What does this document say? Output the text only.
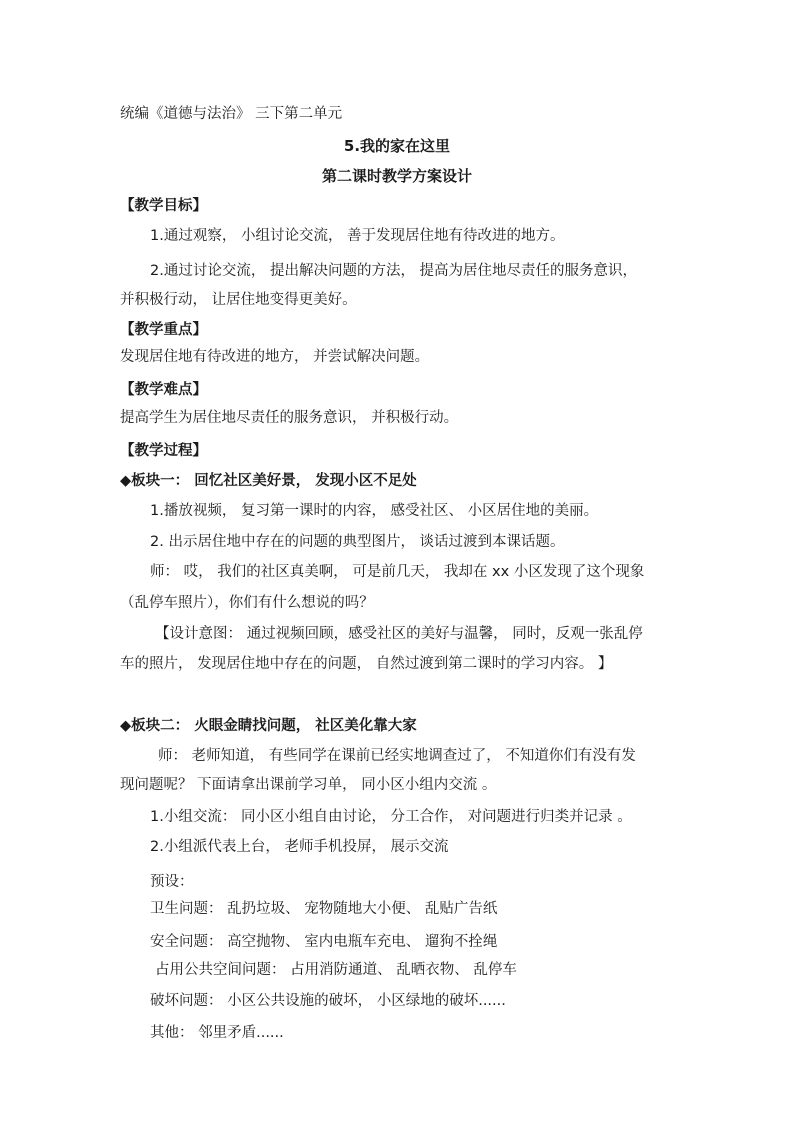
统编《道德与法治》 三下第二单元

5.我的家在这里
第二课时教学方案设计

【教学目标】

1.通过观察， 小组讨论交流， 善于发现居住地有待改进的地方。

2.通过讨论交流， 提出解决问题的方法， 提高为居住地尽责任的服务意识，

并积极行动， 让居住地变得更美好。

【教学重点】

发现居住地有待改进的地方， 并尝试解决问题。

【教学难点】

提高学生为居住地尽责任的服务意识， 并积极行动。

【教学过程】

◆板块一： 回忆社区美好景， 发现小区不足处

1.播放视频， 复习第一课时的内容， 感受社区、 小区居住地的美丽。

2. 出示居住地中存在的问题的典型图片， 谈话过渡到本课话题。

师： 哎， 我们的社区真美啊， 可是前几天， 我却在 xx 小区发现了这个现象

（乱停车照片），你们有什么想说的吗？

【设计意图： 通过视频回顾，感受社区的美好与温馨， 同时，反观一张乱停

车的照片， 发现居住地中存在的问题， 自然过渡到第二课时的学习内容。 】

◆板块二： 火眼金睛找问题， 社区美化靠大家

师： 老师知道， 有些同学在课前已经实地调查过了， 不知道你们有没有发

现问题呢？ 下面请拿出课前学习单， 同小区小组内交流 。

1.小组交流： 同小区小组自由讨论， 分工合作， 对问题进行归类并记录 。

2.小组派代表上台， 老师手机投屏， 展示交流

预设：

卫生问题： 乱扔垃圾、 宠物随地大小便、 乱贴广告纸

安全问题： 高空抛物、 室内电瓶车充电、 遛狗不拴绳

占用公共空间问题： 占用消防通道、 乱晒衣物、 乱停车

破坏问题： 小区公共设施的破坏， 小区绿地的破坏......

其他： 邻里矛盾......
